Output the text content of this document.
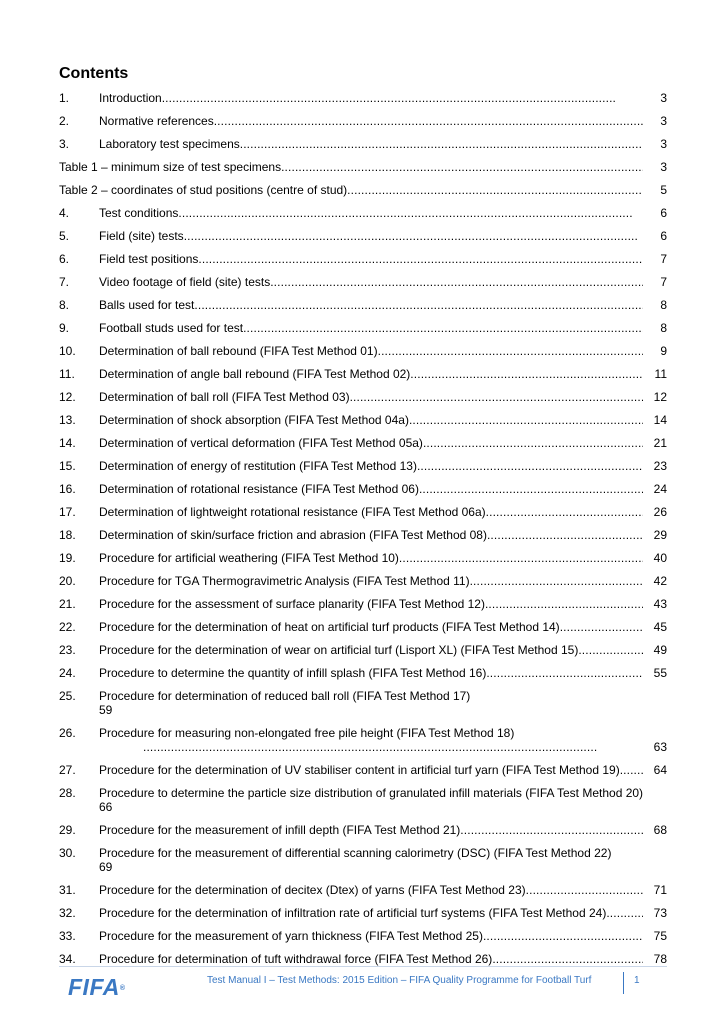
Contents
1. Introduction . . .	3
2. Normative references . . .	3
3. Laboratory test specimens . . .	3
Table 1 – minimum size of test specimens . . .	3
Table 2 – coordinates of stud positions (centre of stud) . . .	5
4. Test conditions . . .	6
5. Field (site) tests . . .	6
6. Field test positions . . .	7
7. Video footage of field (site) tests . . .	7
8. Balls used for test . . .	8
9. Football studs used for test . . .	8
10. Determination of ball rebound (FIFA Test Method 01) . . .	9
11. Determination of angle ball rebound (FIFA Test Method 02) . . .	11
12. Determination of ball roll (FIFA Test Method 03) . . .	12
13. Determination of shock absorption (FIFA Test Method 04a) . . .	14
14. Determination of vertical deformation (FIFA Test Method 05a) . . .	21
15. Determination of energy of restitution (FIFA Test Method 13) . . .	23
16. Determination of rotational resistance (FIFA Test Method 06) . . .	24
17. Determination of lightweight rotational resistance (FIFA Test Method 06a) . . .	26
18. Determination of skin/surface friction and abrasion (FIFA Test Method 08) . . .	29
19. Procedure for artificial weathering (FIFA Test Method 10) . . .	40
20. Procedure for TGA Thermogravimetric Analysis (FIFA Test Method 11) . . .	42
21. Procedure for the assessment of surface planarity (FIFA Test Method 12) . . .	43
22. Procedure for the determination of heat on artificial turf products (FIFA Test Method 14) . . .	45
23. Procedure for the determination of wear on artificial turf (Lisport XL) (FIFA Test Method 15) . . .	49
24. Procedure to determine the quantity of infill splash (FIFA Test Method 16) . . .	55
25.	Procedure for determination of reduced ball roll (FIFA Test Method 17)
59
26.	Procedure for measuring non-elongated free pile height (FIFA Test Method 18)
. . .
63
27. Procedure for the determination of UV stabiliser content in artificial turf yarn (FIFA Test Method 19) . . .	64
28.	Procedure to determine the particle size distribution of granulated infill materials (FIFA Test Method 20)
66
29. Procedure for the measurement of infill depth (FIFA Test Method 21) . . .	68
30.	Procedure for the measurement of differential scanning calorimetry (DSC) (FIFA Test Method 22)
69
31. Procedure for the determination of decitex (Dtex) of yarns (FIFA Test Method 23) . . .	71
32. Procedure for the determination of infiltration rate of artificial turf systems (FIFA Test Method 24) . . .	73
33. Procedure for the measurement of yarn thickness (FIFA Test Method 25) . . .	75
34. Procedure for determination of tuft withdrawal force (FIFA Test Method 26) . . .	78
FIFA®
Test Manual I – Test Methods: 2015 Edition – FIFA Quality Programme for Football Turf	1
